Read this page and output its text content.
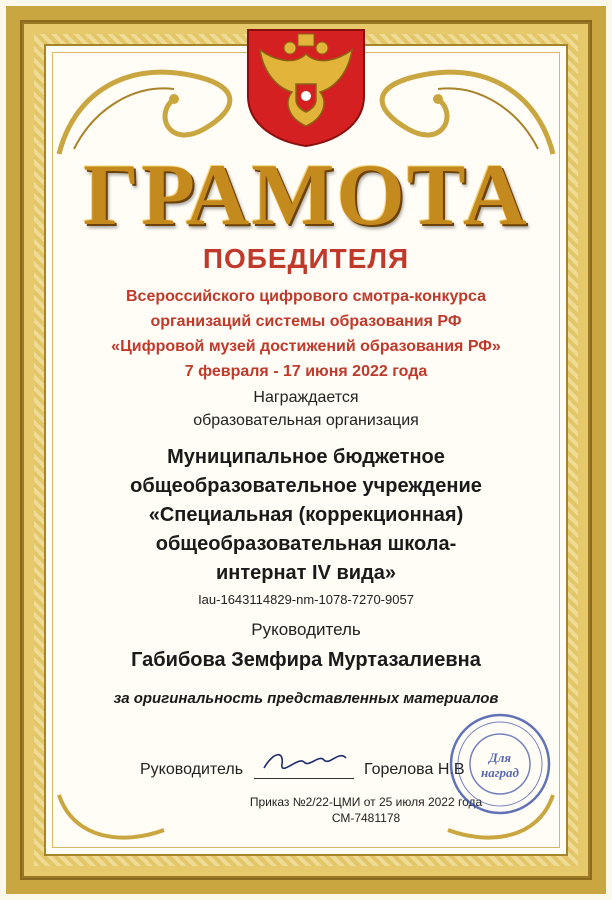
ГРАМОТА
ПОБЕДИТЕЛЯ
Всероссийского цифрового смотра-конкурса
организаций системы образования РФ
«Цифровой музей достижений образования РФ»
7 февраля - 17 июня 2022 года
Награждается
образовательная организация
Муниципальное бюджетное
общеобразовательное учреждение
«Специальная (коррекционная)
общеобразовательная школа-
интернат IV вида»
Iau-1643114829-nm-1078-7270-9057
Руководитель
Габибова Земфира Муртазалиевна
за оригинальность представленных материалов
Руководитель	Горелова Н.В
Приказ №2/22-ЦМИ от 25 июля 2022 года
СМ-7481178
Для
наград
